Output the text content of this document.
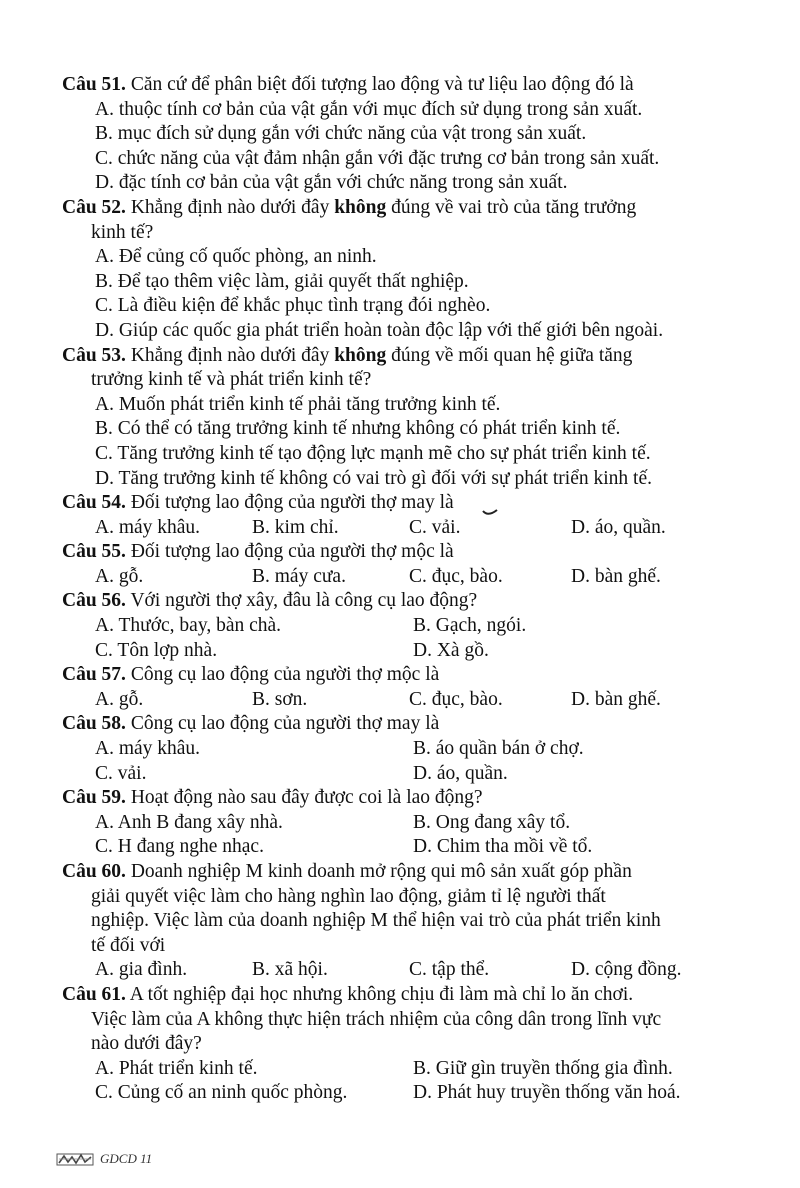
Câu 51. Căn cứ để phân biệt đối tượng lao động và tư liệu lao động đó là
A. thuộc tính cơ bản của vật gắn với mục đích sử dụng trong sản xuất.
B. mục đích sử dụng gắn với chức năng của vật trong sản xuất.
C. chức năng của vật đảm nhận gắn với đặc trưng cơ bản trong sản xuất.
D. đặc tính cơ bản của vật gắn với chức năng trong sản xuất.
Câu 52. Khẳng định nào dưới đây không đúng về vai trò của tăng trưởng
kinh tế?
A. Để củng cố quốc phòng, an ninh.
B. Để tạo thêm việc làm, giải quyết thất nghiệp.
C. Là điều kiện để khắc phục tình trạng đói nghèo.
D. Giúp các quốc gia phát triển hoàn toàn độc lập với thế giới bên ngoài.
Câu 53. Khẳng định nào dưới đây không đúng về mối quan hệ giữa tăng
trưởng kinh tế và phát triển kinh tế?
A. Muốn phát triển kinh tế phải tăng trưởng kinh tế.
B. Có thể có tăng trưởng kinh tế nhưng không có phát triển kinh tế.
C. Tăng trưởng kinh tế tạo động lực mạnh mẽ cho sự phát triển kinh tế.
D. Tăng trưởng kinh tế không có vai trò gì đối với sự phát triển kinh tế.
Câu 54. Đối tượng lao động của người thợ may là
A. máy khâu.	B. kim chỉ.	C. vải.	D. áo, quần.
Câu 55. Đối tượng lao động của người thợ mộc là
A. gỗ.	B. máy cưa.	C. đục, bào.	D. bàn ghế.
Câu 56. Với người thợ xây, đâu là công cụ lao động?
A. Thước, bay, bàn chà.	B. Gạch, ngói.
C. Tôn lợp nhà.	D. Xà gồ.
Câu 57. Công cụ lao động của người thợ mộc là
A. gỗ.	B. sơn.	C. đục, bào.	D. bàn ghế.
Câu 58. Công cụ lao động của người thợ may là
A. máy khâu.	B. áo quần bán ở chợ.
C. vải.	D. áo, quần.
Câu 59. Hoạt động nào sau đây được coi là lao động?
A. Anh B đang xây nhà.	B. Ong đang xây tổ.
C. H đang nghe nhạc.	D. Chim tha mồi về tổ.
Câu 60. Doanh nghiệp M kinh doanh mở rộng qui mô sản xuất góp phần
giải quyết việc làm cho hàng nghìn lao động, giảm tỉ lệ người thất
nghiệp. Việc làm của doanh nghiệp M thể hiện vai trò của phát triển kinh
tế đối với
A. gia đình.	B. xã hội.	C. tập thể.	D. cộng đồng.
Câu 61. A tốt nghiệp đại học nhưng không chịu đi làm mà chỉ lo ăn chơi.
Việc làm của A không thực hiện trách nhiệm của công dân trong lĩnh vực
nào dưới đây?
A. Phát triển kinh tế.	B. Giữ gìn truyền thống gia đình.
C. Củng cố an ninh quốc phòng.	D. Phát huy truyền thống văn hoá.
GDCD 11
